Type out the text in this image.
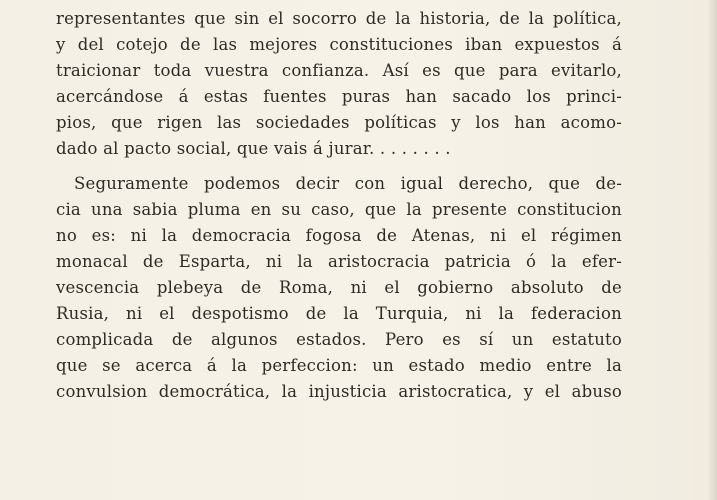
representantes que sin el socorro de la historia, de la política,
y del cotejo de las mejores constituciones iban expuestos á
traicionar toda vuestra confianza. Así es que para evitarlo,
acercándose á estas fuentes puras han sacado los princi-
pios, que rigen las sociedades políticas y los han acomo-
dado al pacto social, que vais á jurar. . . . . . . .
Seguramente podemos decir con igual derecho, que de-
cia una sabia pluma en su caso, que la presente constitucion
no es: ni la democracia fogosa de Atenas, ni el régimen
monacal de Esparta, ni la aristocracia patricia ó la efer-
vescencia plebeya de Roma, ni el gobierno absoluto de
Rusia, ni el despotismo de la Turquia, ni la federacion
complicada de algunos estados. Pero es sí un estatuto
que se acerca á la perfeccion: un estado medio entre la
convulsion democrática, la injusticia aristocratica, y el abuso
